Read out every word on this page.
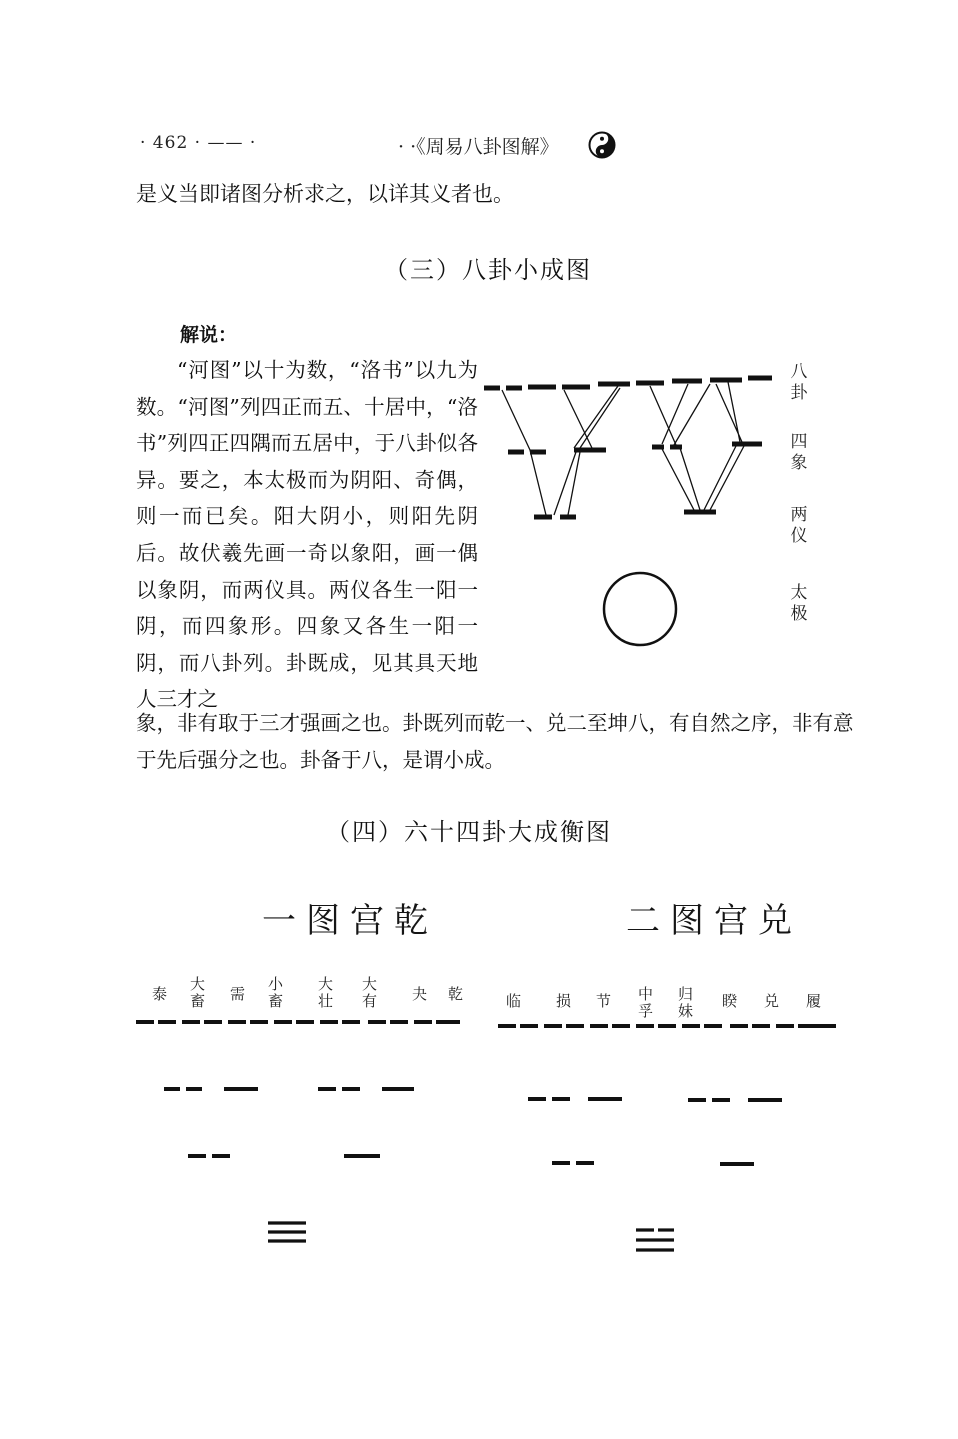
· 462 · —— ·	· ·《周易八卦图解》
是义当即诸图分析求之，以详其义者也。
（三）八卦小成图
解说：
“河图”以十为数，“洛书”以九为数。“河图”列四正而五、十居中，“洛书”列四正四隅而五居中，于八卦似各异。要之，本太极而为阴阳、奇偶，则一而已矣。阳大阴小，则阳先阴后。故伏羲先画一奇以象阳，画一偶以象阴，而两仪具。两仪各生一阳一阴，而四象形。四象又各生一阳一阴，而八卦列。卦既成，见其具天地人三才之
象，非有取于三才强画之也。卦既列而乾一、兑二至坤八，有自然之序，非有意于先后强分之也。卦备于八，是谓小成。
八卦
四象
两仪
太极
（四）六十四卦大成衡图
一图宫乾	二图宫兑
泰
大畜 需
小畜
大壮
大有 夬 乾	临 损 节 中孚
归妹
睽 兑 履
